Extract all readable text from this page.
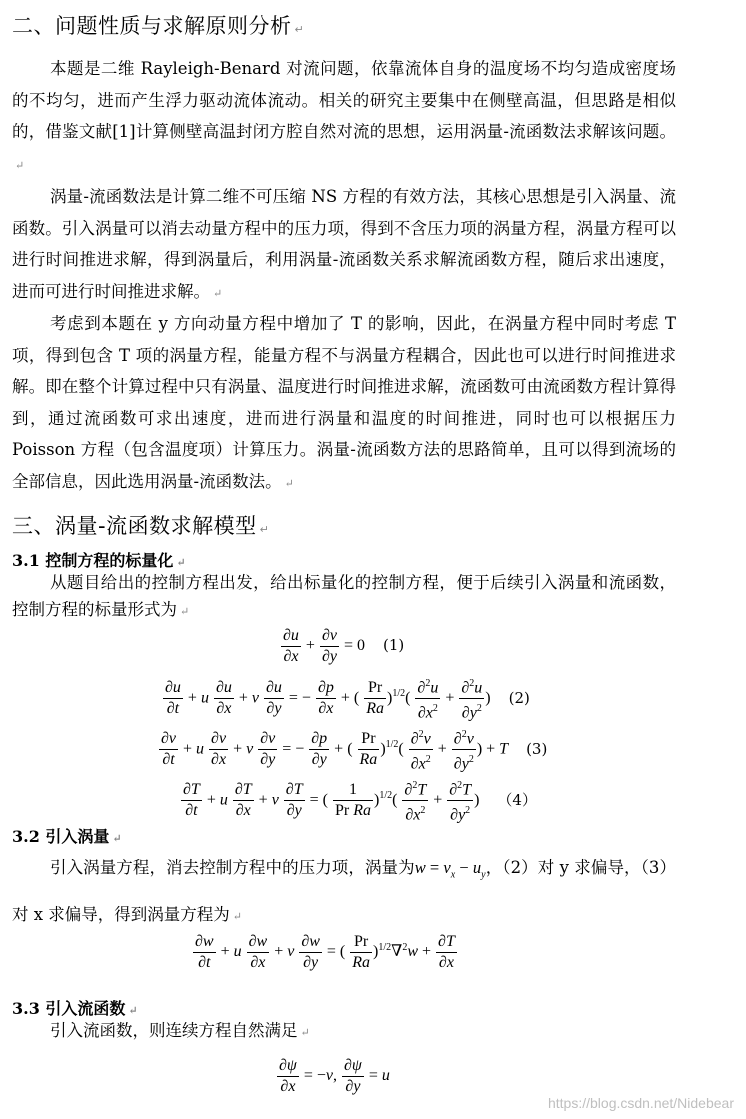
二、问题性质与求解原则分析 ↵

本题是二维 Rayleigh-Benard 对流问题，依靠流体自身的温度场不均匀造成密度场的不均匀，进而产生浮力驱动流体流动。相关的研究主要集中在侧壁高温，但思路是相似的，借鉴文献[1]计算侧壁高温封闭方腔自然对流的思想，运用涡量-流函数法求解该问题。↵

涡量-流函数法是计算二维不可压缩 NS 方程的有效方法，其核心思想是引入涡量、流函数。引入涡量可以消去动量方程中的压力项，得到不含压力项的涡量方程，涡量方程可以进行时间推进求解，得到涡量后，利用涡量-流函数关系求解流函数方程，随后求出速度，进而可进行时间推进求解。 ↵

考虑到本题在 y 方向动量方程中增加了 T 的影响，因此，在涡量方程中同时考虑 T 项，得到包含 T 项的涡量方程，能量方程不与涡量方程耦合，因此也可以进行时间推进求解。即在整个计算过程中只有涡量、温度进行时间推进求解，流函数可由流函数方程计算得到，通过流函数可求出速度，进而进行涡量和温度的时间推进，同时也可以根据压力 Poisson 方程（包含温度项）计算压力。涡量-流函数方法的思路简单，且可以得到流场的全部信息，因此选用涡量-流函数法。 ↵

三、涡量-流函数求解模型 ↵
3.1 控制方程的标量化 ↵

从题目给出的控制方程出发，给出标量化的控制方程，便于后续引入涡量和流函数，控制方程的标量形式为 ↵

$\frac{\partial u}{\partial x} + \frac{\partial v}{\partial y} = 0$ (1)
$\frac{\partial u}{\partial t} + u \frac{\partial u}{\partial x} + v \frac{\partial u}{\partial y}$ = − $\frac{\partial p}{\partial x}$ + ( $\frac{Pr}{Ra} )^{1/2}( \frac{\partial^2u}{\partial x^2} + \frac{\partial^2u}{\partial y^2}$ ) (2)
$\frac{\partial v}{\partial t} + u \frac{\partial v}{\partial x} + v \frac{\partial v}{\partial y}$ = − $\frac{\partial p}{\partial y}$ + ( $\frac{Pr}{Ra} )^{1/2}( \frac{\partial^2v}{\partial x^2} + \frac{\partial^2v}{\partial y^2}$ ) + T (3)
$\frac{\partial T}{\partial t} + u \frac{\partial T}{\partial x} + v \frac{\partial T}{\partial y}$ = ( $\frac{1}{\text{Pr Ra}} )^{1/2}( \frac{\partial^2T}{\partial x^2} + \frac{\partial^2T}{\partial y^2}$ ) （4）
3.2 引入涡量 ↵

引入涡量方程，消去控制方程中的压力项，涡量为$w = v_x - u_y$，（2）对 y 求偏导，（3）对 x 求偏导，得到涡量方程为 ↵

$\frac{\partial w}{\partial t} + u \frac{\partial w}{\partial x} + v \frac{\partial w}{\partial y}$ = ( $\frac{Pr}{Ra} )^{1/2}\nabla^2w + \frac{\partial T}{\partial x}$
3.3 引入流函数 ↵

引入流函数，则连续方程自然满足 ↵

$\frac{\partial\psi}{\partial x} = -v$, $\frac{\partial\psi}{\partial y} = u$
https://blog.csdn.net/Nidebear
